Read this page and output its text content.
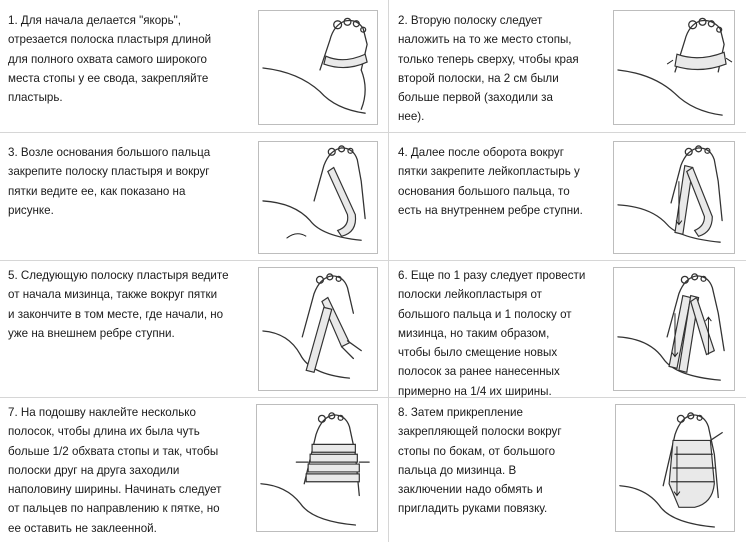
1. Для начала делается "якорь",
отрезается полоска пластыря длиной
для полного охвата самого широкого
места стопы у ее свода, закрепляйте
пластырь.
2. Вторую полоску следует
наложить на то же место стопы,
только теперь сверху, чтобы края
второй полоски, на 2 см были
больше первой (заходили за
нее).
3. Возле основания большого пальца
закрепите полоску пластыря и вокруг
пятки ведите ее, как показано на
рисунке.
4. Далее после оборота вокруг
пятки закрепите лейкопластырь у
основания большого пальца, то
есть на внутреннем ребре ступни.
5. Следующую полоску пластыря ведите
от начала мизинца, также вокруг пятки
и закончите в том месте, где начали, но
уже на внешнем ребре ступни.
6. Еще по 1 разу следует провести
полоски лейкопластыря от
большого пальца и 1 полоску от
мизинца, но таким образом,
чтобы было смещение новых
полосок за ранее нанесенных
примерно на 1/4 их ширины.
7. На подошву наклейте несколько
полосок, чтобы длина их была чуть
больше 1/2 обхвата стопы и так, чтобы
полоски друг на друга заходили
наполовину ширины. Начинать следует
от пальцев по направлению к пятке, но
ее оставить не заклеенной.
8. Затем прикрепление
закрепляющей полоски вокруг
стопы по бокам, от большого
пальца до мизинца. В
заключении надо обмять и
пригладить руками повязку.
